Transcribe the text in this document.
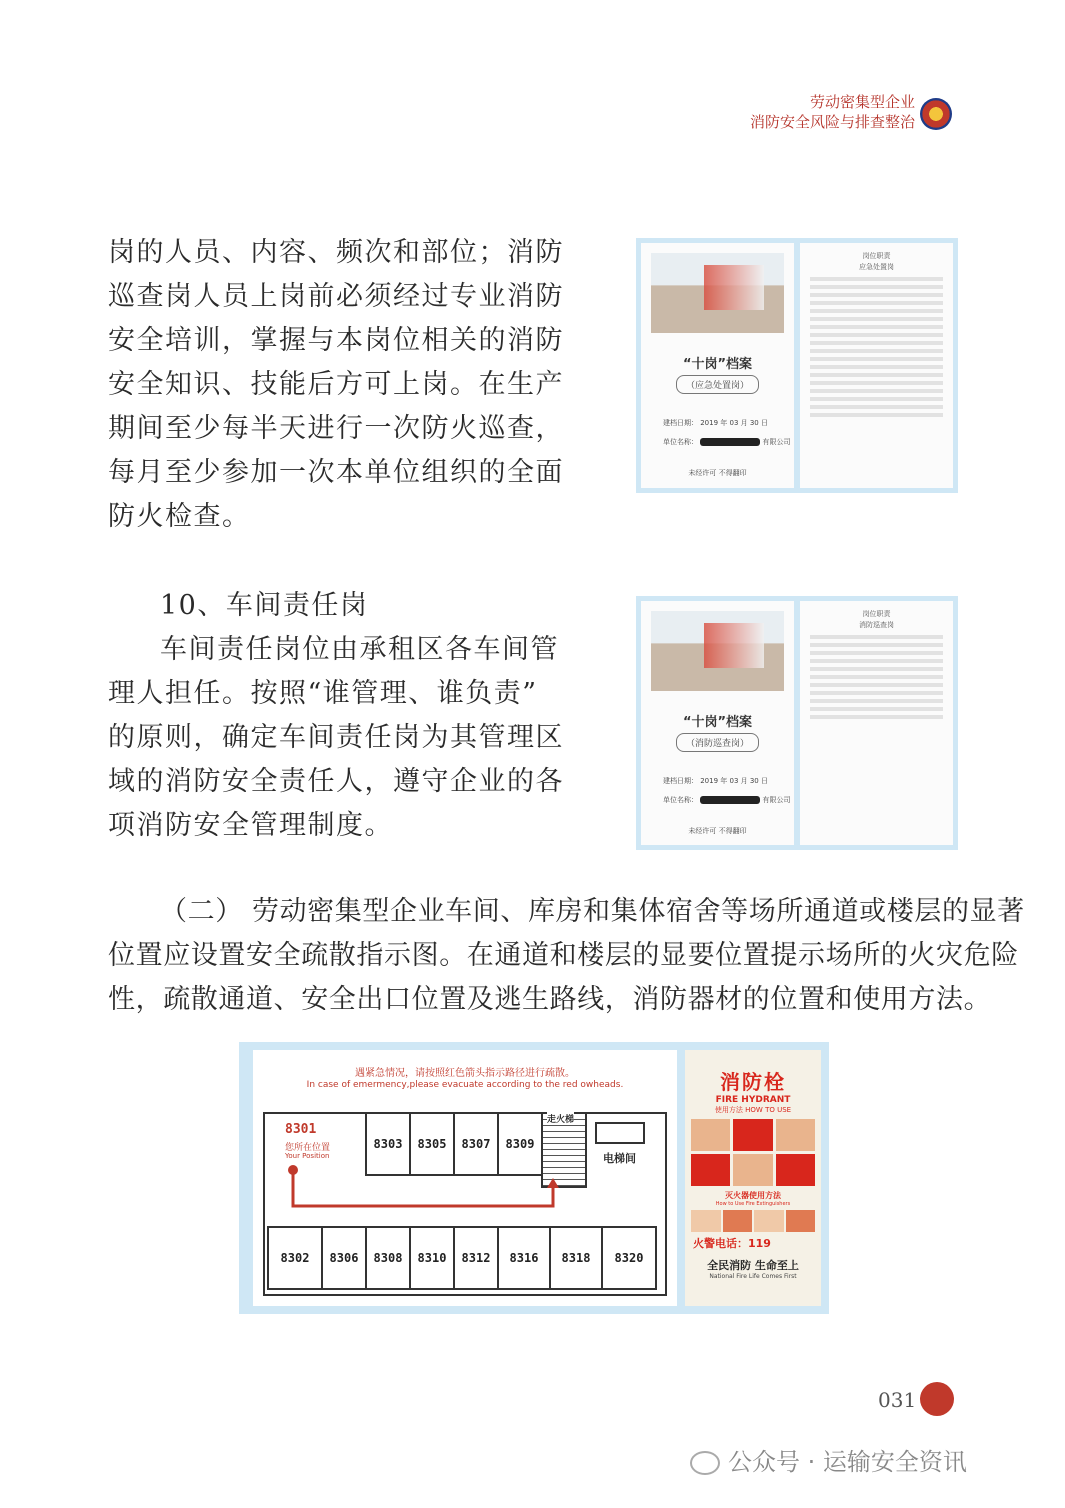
劳动密集型企业
消防安全风险与排查整治
岗的人员、内容、频次和部位；消防
巡查岗人员上岗前必须经过专业消防
安全培训，掌握与本岗位相关的消防
安全知识、技能后方可上岗。在生产
期间至少每半天进行一次防火巡查，
每月至少参加一次本单位组织的全面
防火检查。
“十岗”档案
（应急处置岗）
建档日期： 2019 年 03 月 30 日
单位名称：	有限公司
未经许可 不得翻印
岗位职责
应急处置岗
10、车间责任岗
车间责任岗位由承租区各车间管
理人担任。按照“谁管理、谁负责”
的原则，确定车间责任岗为其管理区
域的消防安全责任人，遵守企业的各
项消防安全管理制度。
“十岗”档案
（消防巡查岗）
建档日期： 2019 年 03 月 30 日
单位名称：	有限公司
未经许可 不得翻印
岗位职责
消防巡查岗
（二） 劳动密集型企业车间、库房和集体宿舍等场所通道或楼层的显著
位置应设置安全疏散指示图。在通道和楼层的显要位置提示场所的火灾危险
性，疏散通道、安全出口位置及逃生路线，消防器材的位置和使用方法。
遇紧急情况，请按照红色箭头指示路径进行疏散。
In case of emermency,please evacuate according to the red owheads.
8301
您所在位置
Your Position
8303	8305	8307	8309
走火梯
电梯间
8302	8306	8308	8310	8312	8316	8318	8320
消防栓
FIRE HYDRANT
使用方法 HOW TO USE
灭火器使用方法
How to Use Fire Extinguishers
火警电话：119
全民消防 生命至上
National Fire Life Comes First
031
公众号 · 运输安全资讯
